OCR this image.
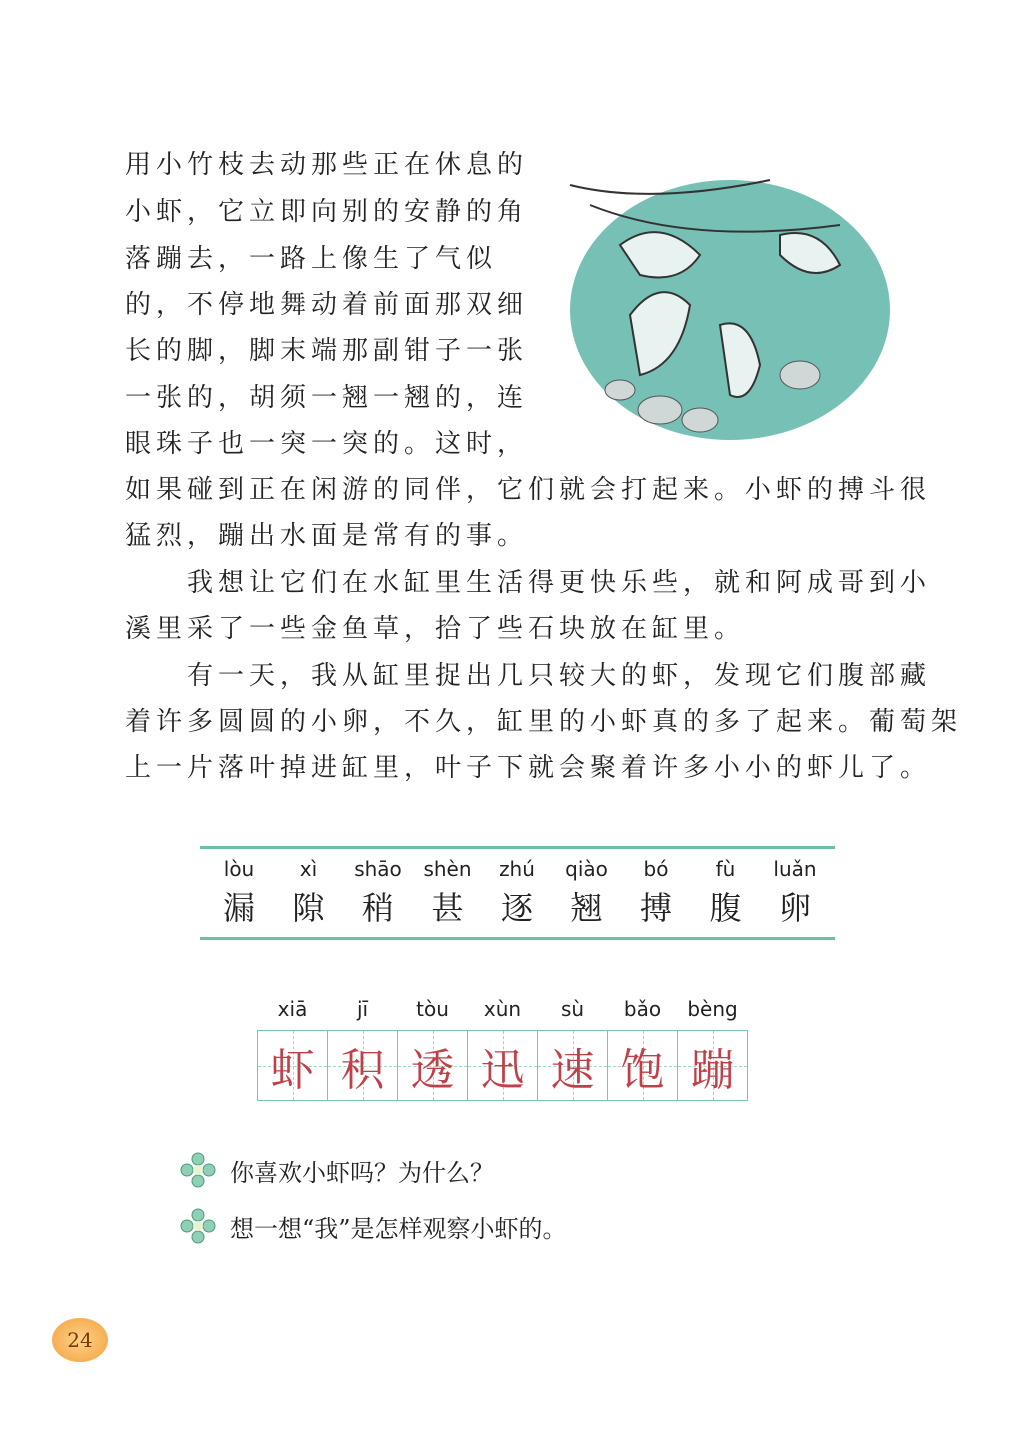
用小竹枝去动那些正在休息的
小虾，它立即向别的安静的角
落蹦去，一路上像生了气似
的，不停地舞动着前面那双细
长的脚，脚末端那副钳子一张
一张的，胡须一翘一翘的，连
眼珠子也一突一突的。这时，
如果碰到正在闲游的同伴，它们就会打起来。小虾的搏斗很
猛烈，蹦出水面是常有的事。
　　我想让它们在水缸里生活得更快乐些，就和阿成哥到小
溪里采了一些金鱼草，拾了些石块放在缸里。
　　有一天，我从缸里捉出几只较大的虾，发现它们腹部藏
着许多圆圆的小卵，不久，缸里的小虾真的多了起来。葡萄架
上一片落叶掉进缸里，叶子下就会聚着许多小小的虾儿了。
lòu
漏
xì
隙
shāo
稍
shèn
甚
zhú
逐
qiào
翘
bó
搏
fù
腹
luǎn
卵
xiā
虾
jī
积
tòu
透
xùn
迅
sù
速
bǎo
饱
bèng
蹦
你喜欢小虾吗？为什么？
想一想“我”是怎样观察小虾的。
24
